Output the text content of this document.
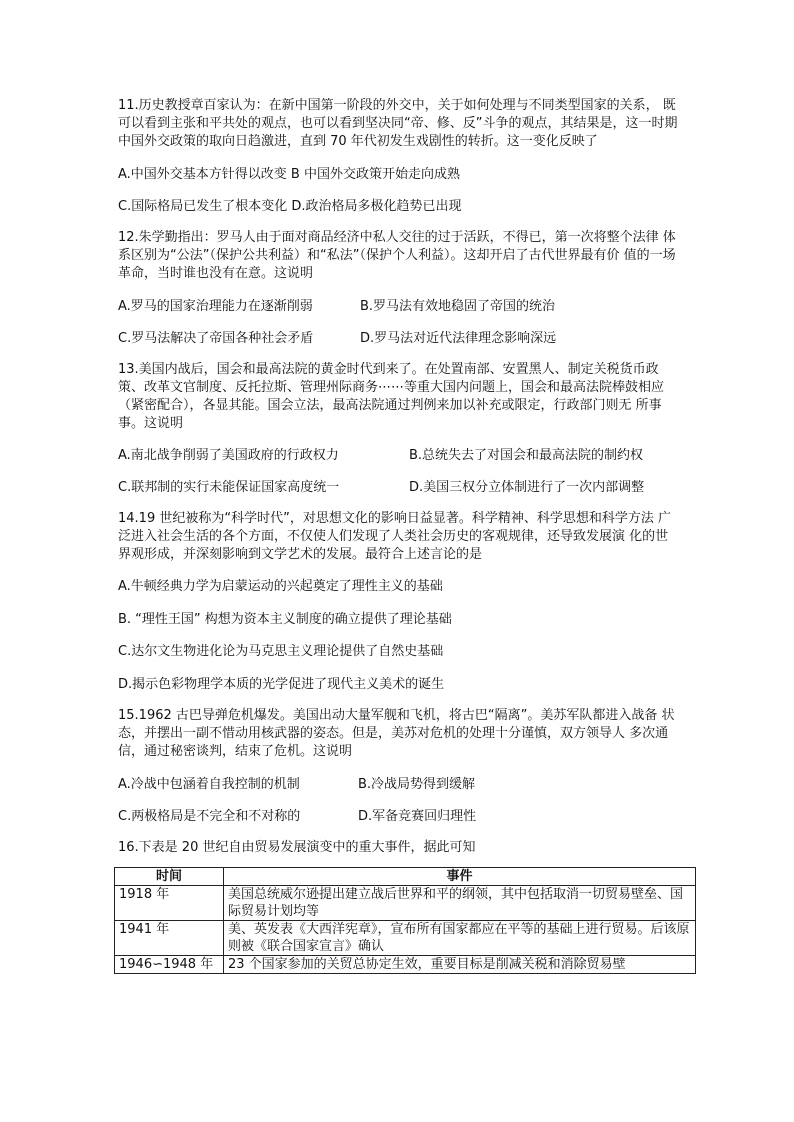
11.历史教授章百家认为：在新中国第一阶段的外交中，关于如何处理与不同类型国家的关系， 既可以看到主张和平共处的观点，也可以看到坚决同“帝、修、反”斗争的观点，其结果是，这一时期中国外交政策的取向日趋激进，直到 70 年代初发生戏剧性的转折。这一变化反映了

A.中国外交基本方针得以改变 B 中国外交政策开始走向成熟
C.国际格局已发生了根本变化 D.政治格局多极化趋势已出现

12.朱学勤指出：罗马人由于面对商品经济中私人交往的过于活跃，不得已，第一次将整个法律 体系区别为“公法”（保护公共利益）和“私法”（保护个人利益）。这却开启了古代世界最有价 值的一场革命，当时谁也没有在意。这说明

A.罗马的国家治理能力在逐渐削弱	B.罗马法有效地稳固了帝国的统治
C.罗马法解决了帝国各种社会矛盾	D.罗马法对近代法律理念影响深远

13.美国内战后，国会和最高法院的黄金时代到来了。在处置南部、安置黑人、制定关税货币政 策、改革文官制度、反托拉斯、管理州际商务⋯⋯等重大国内问题上，国会和最高法院棒鼓相应（紧密配合），各显其能。国会立法，最高法院通过判例来加以补充或限定，行政部门则无 所事事。这说明

A.南北战争削弱了美国政府的行政权力	B.总统失去了对国会和最高法院的制约权
C.联邦制的实行未能保证国家高度统一	D.美国三权分立体制进行了一次内部调整

14.19 世纪被称为“科学时代”，对思想文化的影响日益显著。科学精神、科学思想和科学方法 广泛进入社会生活的各个方面，不仅使人们发现了人类社会历史的客观规律，还导致发展演 化的世界观形成，并深刻影响到文学艺术的发展。最符合上述言论的是

A.牛顿经典力学为启蒙运动的兴起奠定了理性主义的基础
B. “理性王国” 构想为资本主义制度的确立提供了理论基础
C.达尔文生物进化论为马克思主义理论提供了自然史基础
D.揭示色彩物理学本质的光学促进了现代主义美术的诞生

15.1962 古巴导弹危机爆发。美国出动大量军舰和飞机，将古巴“隔离”。美苏军队都进入战备 状态，并摆出一副不惜动用核武器的姿态。但是，美苏对危机的处理十分谨慎，双方领导人 多次通信，通过秘密谈判，结束了危机。这说明

A.冷战中包涵着自我控制的机制	B.冷战局势得到缓解
C.两极格局是不完全和不对称的	D.军备竞赛回归理性

16.下表是 20 世纪自由贸易发展演变中的重大事件，据此可知

时间	事件
1918 年	美国总统威尔逊提出建立战后世界和平的纲领，其中包括取消一切贸易壁垒、国际贸易计划均等
1941 年	美、英发表《大西洋宪章》，宣布所有国家都应在平等的基础上进行贸易。后该原则被《联合国家宣言》确认
1946∽1948 年	23 个国家参加的关贸总协定生效，重要目标是削减关税和消除贸易壁
